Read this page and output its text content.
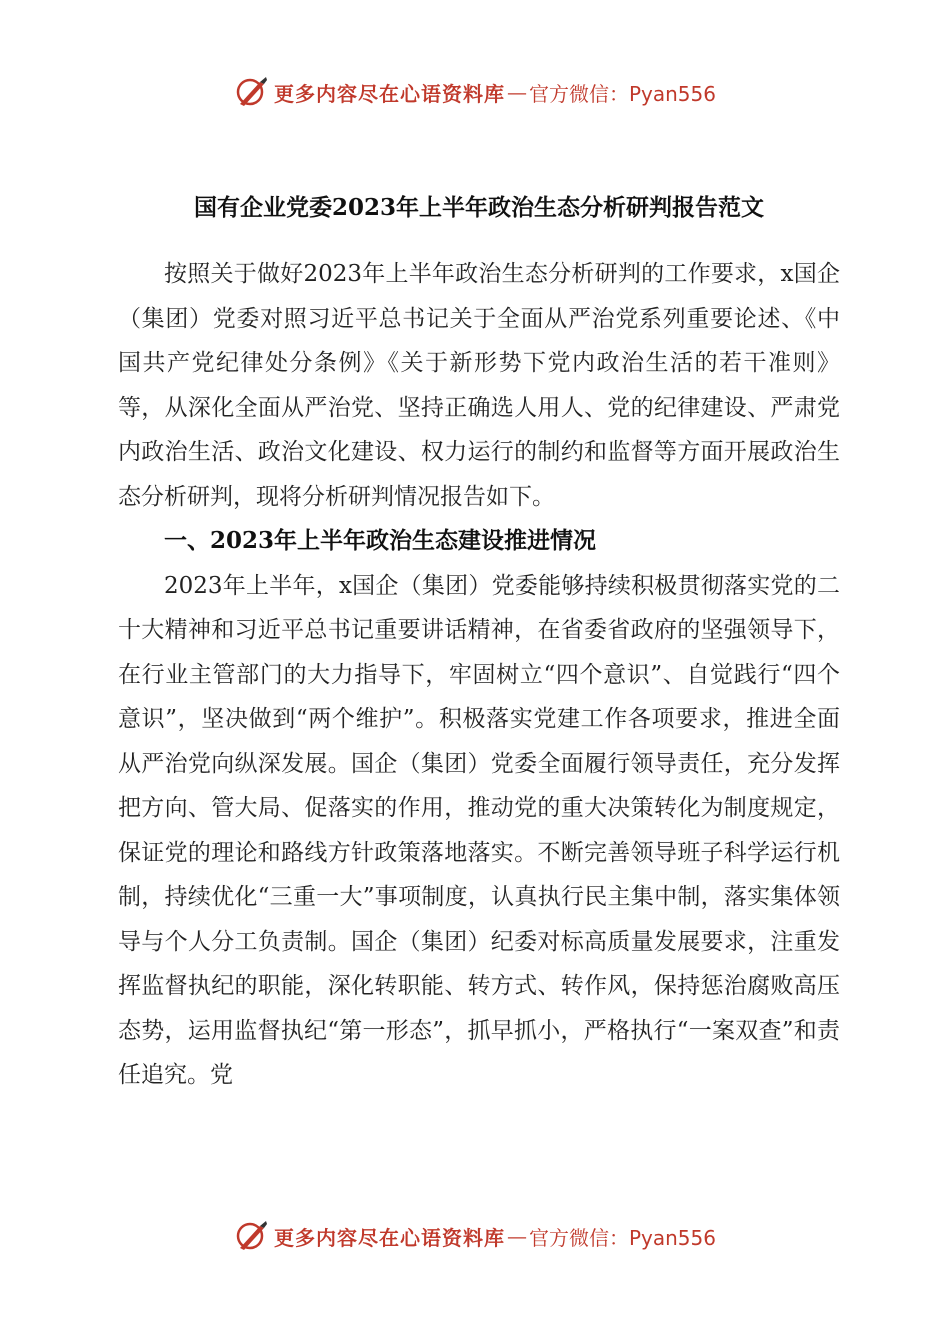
更多内容尽在心语资料库 — 官方微信：Pyan556

国有企业党委2023年上半年政治生态分析研判报告范文

按照关于做好2023年上半年政治生态分析研判的工作要求，x国企（集团）党委对照习近平总书记关于全面从严治党系列重要论述、《中国共产党纪律处分条例》《关于新形势下党内政治生活的若干准则》等，从深化全面从严治党、坚持正确选人用人、党的纪律建设、严肃党内政治生活、政治文化建设、权力运行的制约和监督等方面开展政治生态分析研判，现将分析研判情况报告如下。

一、2023年上半年政治生态建设推进情况

2023年上半年，x国企（集团）党委能够持续积极贯彻落实党的二十大精神和习近平总书记重要讲话精神，在省委省政府的坚强领导下，在行业主管部门的大力指导下，牢固树立“四个意识”、自觉践行“四个意识”，坚决做到“两个维护”。积极落实党建工作各项要求，推进全面从严治党向纵深发展。国企（集团）党委全面履行领导责任，充分发挥把方向、管大局、促落实的作用，推动党的重大决策转化为制度规定，保证党的理论和路线方针政策落地落实。不断完善领导班子科学运行机制，持续优化“三重一大”事项制度，认真执行民主集中制，落实集体领导与个人分工负责制。国企（集团）纪委对标高质量发展要求，注重发挥监督执纪的职能，深化转职能、转方式、转作风，保持惩治腐败高压态势，运用监督执纪“第一形态”，抓早抓小，严格执行“一案双查”和责任追究。党

更多内容尽在心语资料库 — 官方微信：Pyan556
